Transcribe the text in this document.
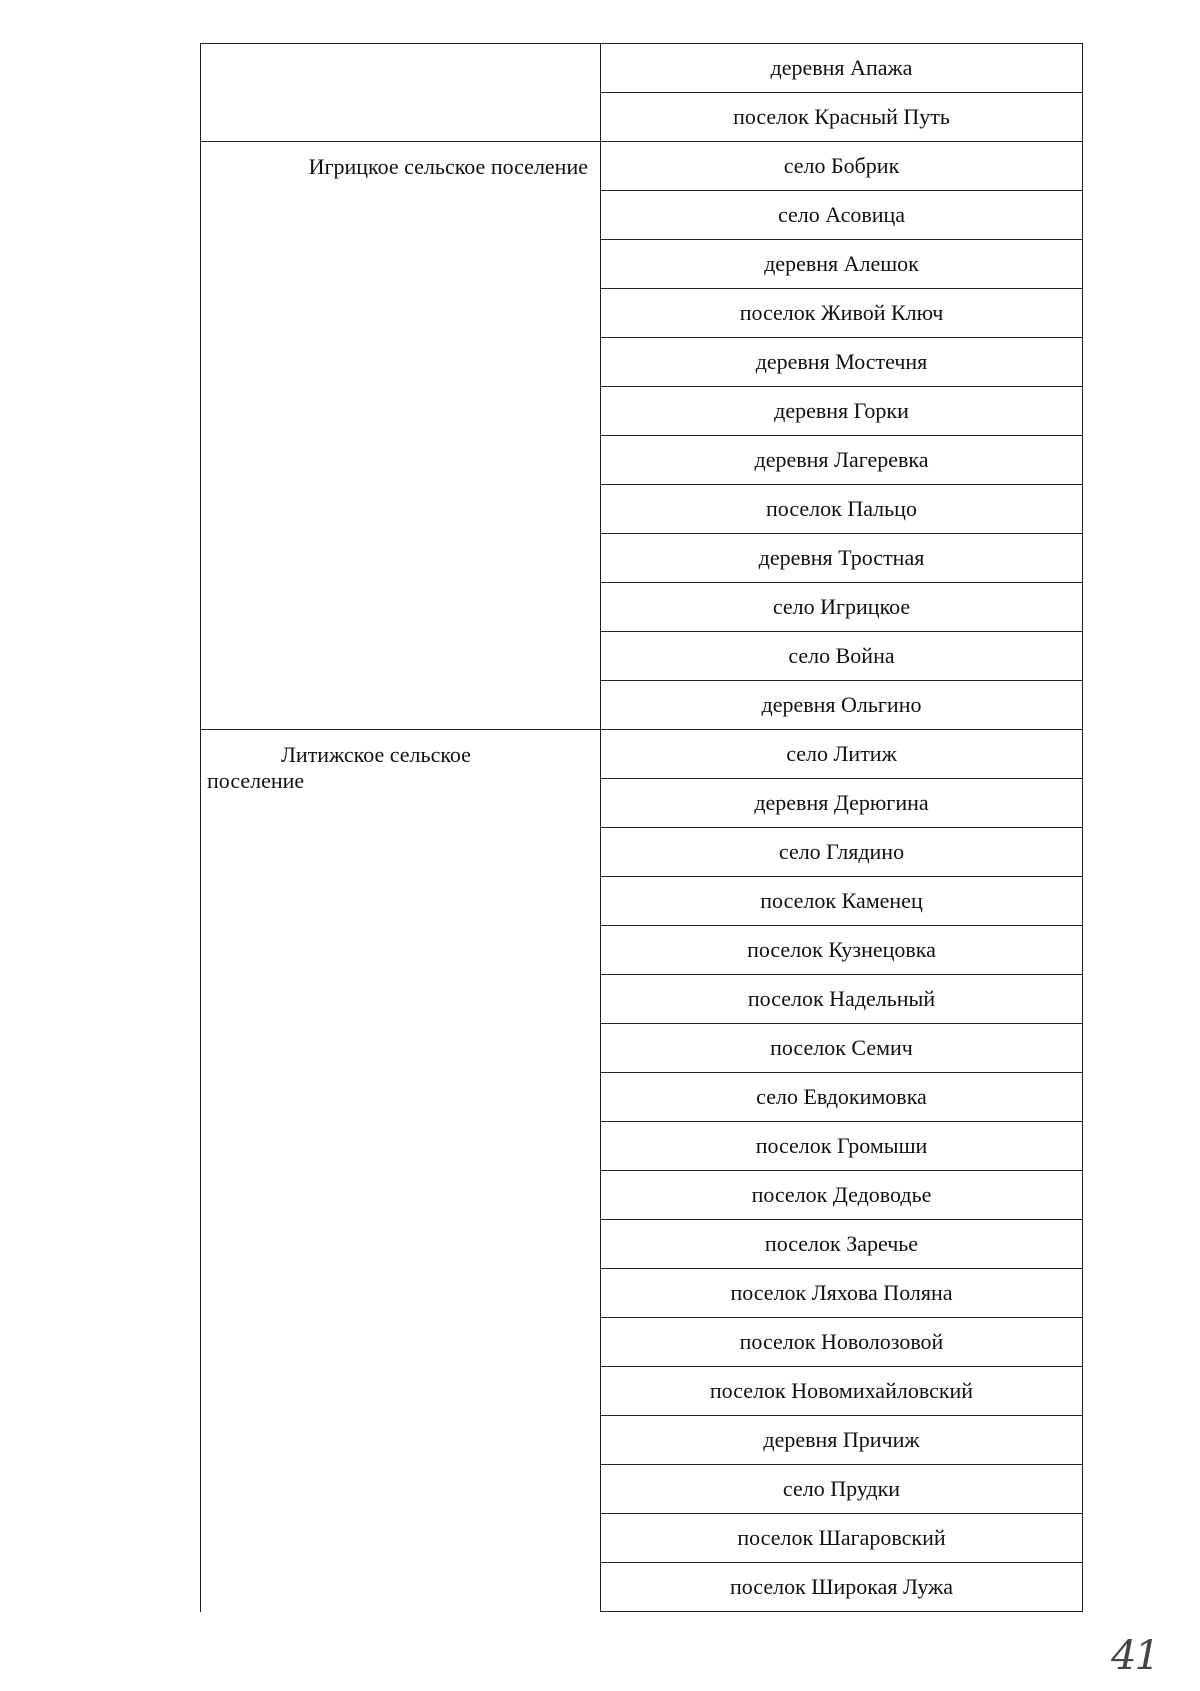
	деревня Апажа
	поселок Красный Путь

Игрицкое сельское поселение	село Бобрик
	село Асовица
	деревня Алешок
	поселок Живой Ключ
	деревня Мостечня
	деревня Горки
	деревня Лагеревка
	поселок Пальцо
	деревня Тростная
	село Игрицкое
	село Война
	деревня Ольгино

Литижское сельское поселение	село Литиж
	деревня Дерюгина
	село Глядино
	поселок Каменец
	поселок Кузнецовка
	поселок Надельный
	поселок Семич
	село Евдокимовка
	поселок Громыши
	поселок Дедоводье
	поселок Заречье
	поселок Ляхова Поляна
	поселок Новолозовой
	поселок Новомихайловский
	деревня Причиж
	село Прудки
	поселок Шагаровский
	поселок Широкая Лужа
41
